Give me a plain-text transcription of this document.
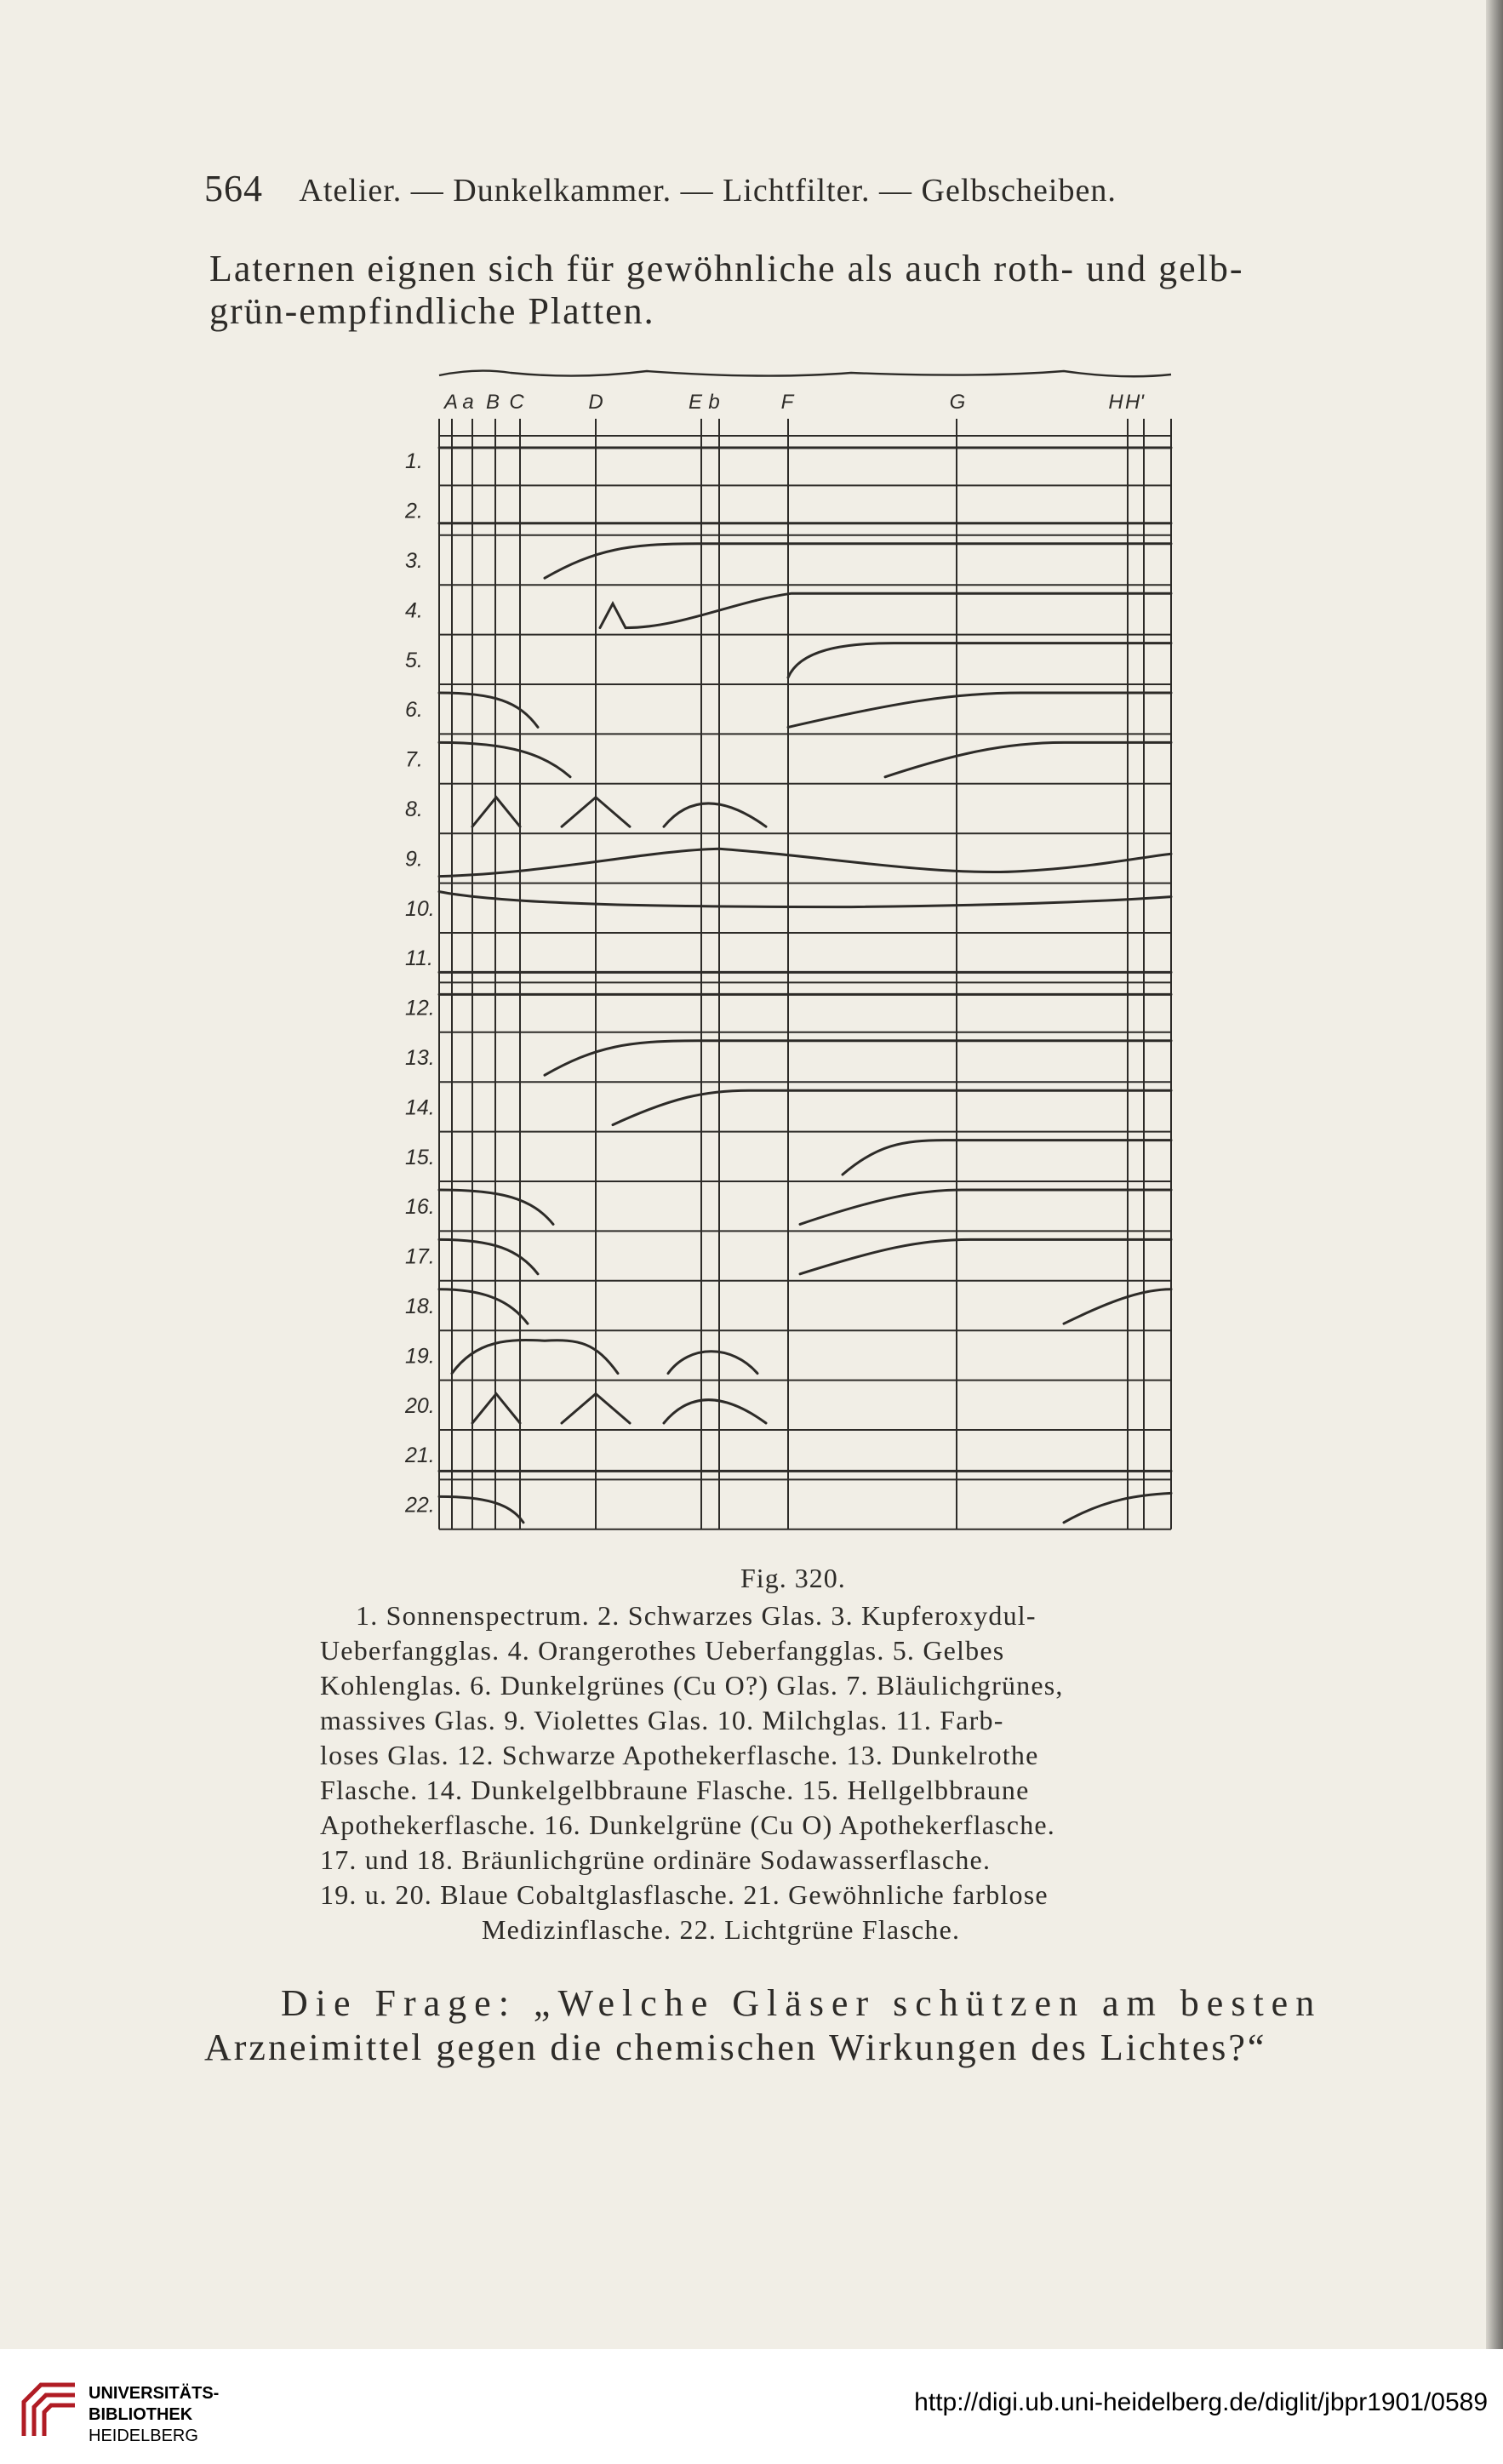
564 Atelier. — Dunkelkammer. — Lichtfilter. — Gelbscheiben.
Laternen eignen sich für gewöhnliche als auch roth- und gelb-
grün-empfindliche Platten.
A a B C	D	E b	F	G	H H'
1.
2.
3.
4.
5.
6.
7.
8.
9.
10.
11.
12.
13.
14.
15.
16.
17.
18.
19.
20.
21.
22.
Fig. 320.
1. Sonnenspectrum. 2. Schwarzes Glas. 3. Kupferoxydul-
Ueberfangglas. 4. Orangerothes Ueberfangglas. 5. Gelbes
Kohlenglas. 6. Dunkelgrünes (Cu O?) Glas. 7. Bläulichgrünes,
massives Glas. 9. Violettes Glas. 10. Milchglas. 11. Farb-
loses Glas. 12. Schwarze Apothekerflasche. 13. Dunkelrothe
Flasche. 14. Dunkelgelbbraune Flasche. 15. Hellgelbbraune
Apothekerflasche. 16. Dunkelgrüne (Cu O) Apothekerflasche.
17. und 18. Bräunlichgrüne ordinäre Sodawasserflasche.
19. u. 20. Blaue Cobaltglasflasche. 21. Gewöhnliche farblose
Medizinflasche. 22. Lichtgrüne Flasche.
Die Frage: „Welche Gläser schützen am besten
Arzneimittel gegen die chemischen Wirkungen des Lichtes?“
UNIVERSITÄTS-
BIBLIOTHEK
HEIDELBERG
http://digi.ub.uni-heidelberg.de/diglit/jbpr1901/0589
